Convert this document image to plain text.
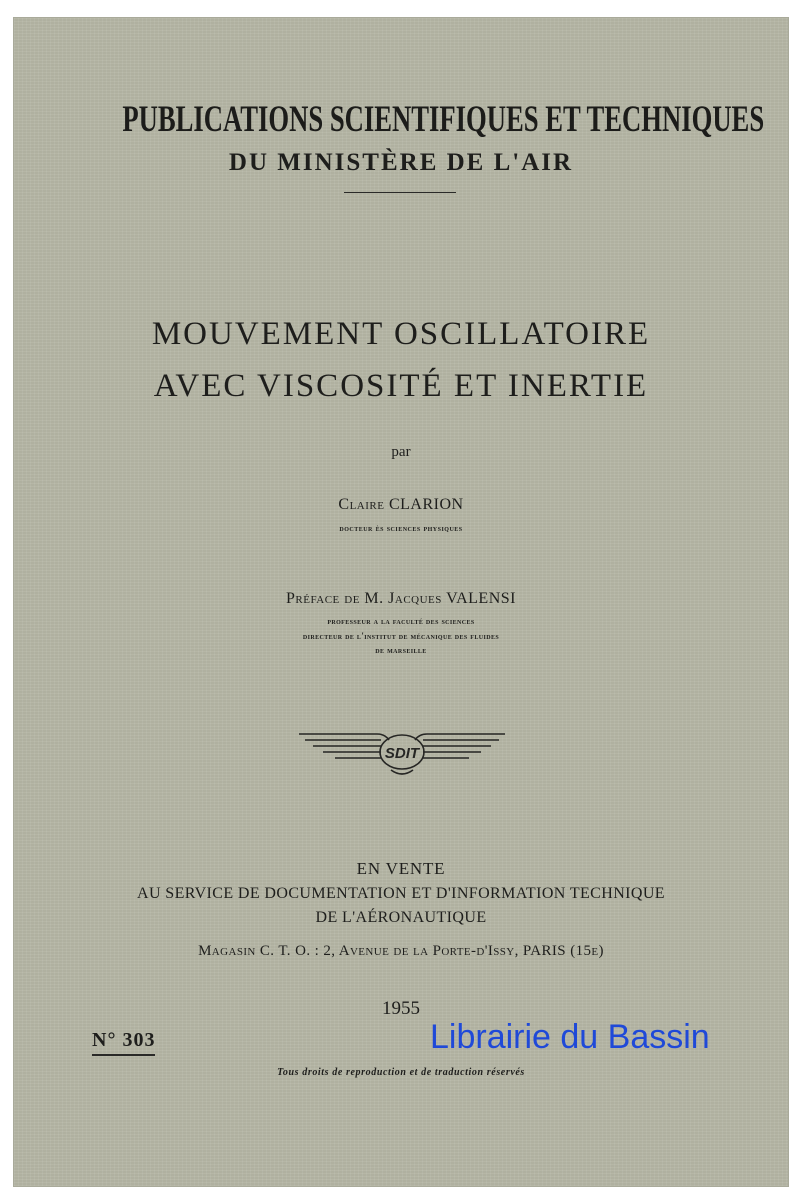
PUBLICATIONS SCIENTIFIQUES ET TECHNIQUES
DU MINISTÈRE DE L'AIR
MOUVEMENT OSCILLATOIRE
AVEC VISCOSITÉ ET INERTIE
par
Claire CLARION
docteur ès sciences physiques
Préface de M. Jacques VALENSI
professeur a la faculté des sciences
directeur de l'institut de mécanique des fluides
de marseille
SDIT
EN VENTE
AU SERVICE DE DOCUMENTATION ET D'INFORMATION TECHNIQUE
DE L'AÉRONAUTIQUE
Magasin C. T. O. : 2, Avenue de la Porte-d'Issy, PARIS (15e)
1955
N° 303
Tous droits de reproduction et de traduction réservés
Librairie du Bassin
